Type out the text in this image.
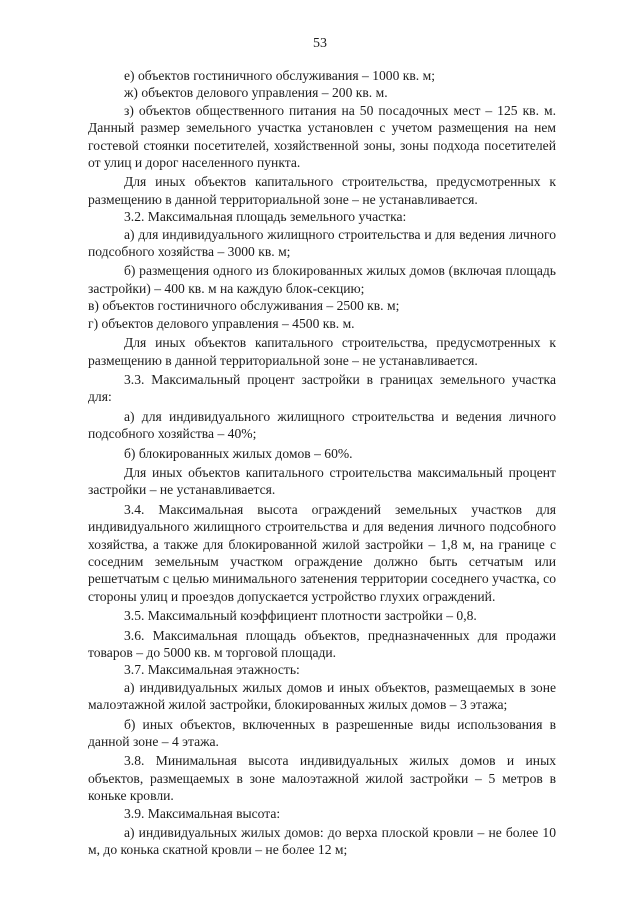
53

е) объектов гостиничного обслуживания – 1000 кв. м;

ж) объектов делового управления – 200 кв. м.

з) объектов общественного питания на 50 посадочных мест – 125 кв. м. Данный размер земельного участка установлен с учетом размещения на нем гостевой стоянки посетителей, хозяйственной зоны, зоны подхода посетителей от улиц и дорог населенного пункта.

Для иных объектов капитального строительства, предусмотренных к размещению в данной территориальной зоне – не устанавливается.

3.2. Максимальная площадь земельного участка:

а) для индивидуального жилищного строительства и для ведения личного подсобного хозяйства – 3000 кв. м;

б) размещения одного из блокированных жилых домов (включая площадь застройки) – 400 кв. м на каждую блок-секцию;

в) объектов гостиничного обслуживания – 2500 кв. м;

г) объектов делового управления – 4500 кв. м.

Для иных объектов капитального строительства, предусмотренных к размещению в данной территориальной зоне – не устанавливается.

3.3. Максимальный процент застройки в границах земельного участка для:

а) для индивидуального жилищного строительства и ведения личного подсобного хозяйства – 40%;

б) блокированных жилых домов – 60%.

Для иных объектов капитального строительства максимальный процент застройки – не устанавливается.

3.4. Максимальная высота ограждений земельных участков для индивидуального жилищного строительства и для ведения личного подсобного хозяйства, а также для блокированной жилой застройки – 1,8 м, на границе с соседним земельным участком ограждение должно быть сетчатым или решетчатым с целью минимального затенения территории соседнего участка, со стороны улиц и проездов допускается устройство глухих ограждений.

3.5. Максимальный коэффициент плотности застройки – 0,8.

3.6. Максимальная площадь объектов, предназначенных для продажи товаров – до 5000 кв. м торговой площади.

3.7. Максимальная этажность:

а) индивидуальных жилых домов и иных объектов, размещаемых в зоне малоэтажной жилой застройки, блокированных жилых домов – 3 этажа;

б) иных объектов, включенных в разрешенные виды использования в данной зоне – 4 этажа.

3.8. Минимальная высота индивидуальных жилых домов и иных объектов, размещаемых в зоне малоэтажной жилой застройки – 5 метров в коньке кровли.

3.9. Максимальная высота:

а) индивидуальных жилых домов: до верха плоской кровли – не более 10 м, до конька скатной кровли – не более 12 м;
